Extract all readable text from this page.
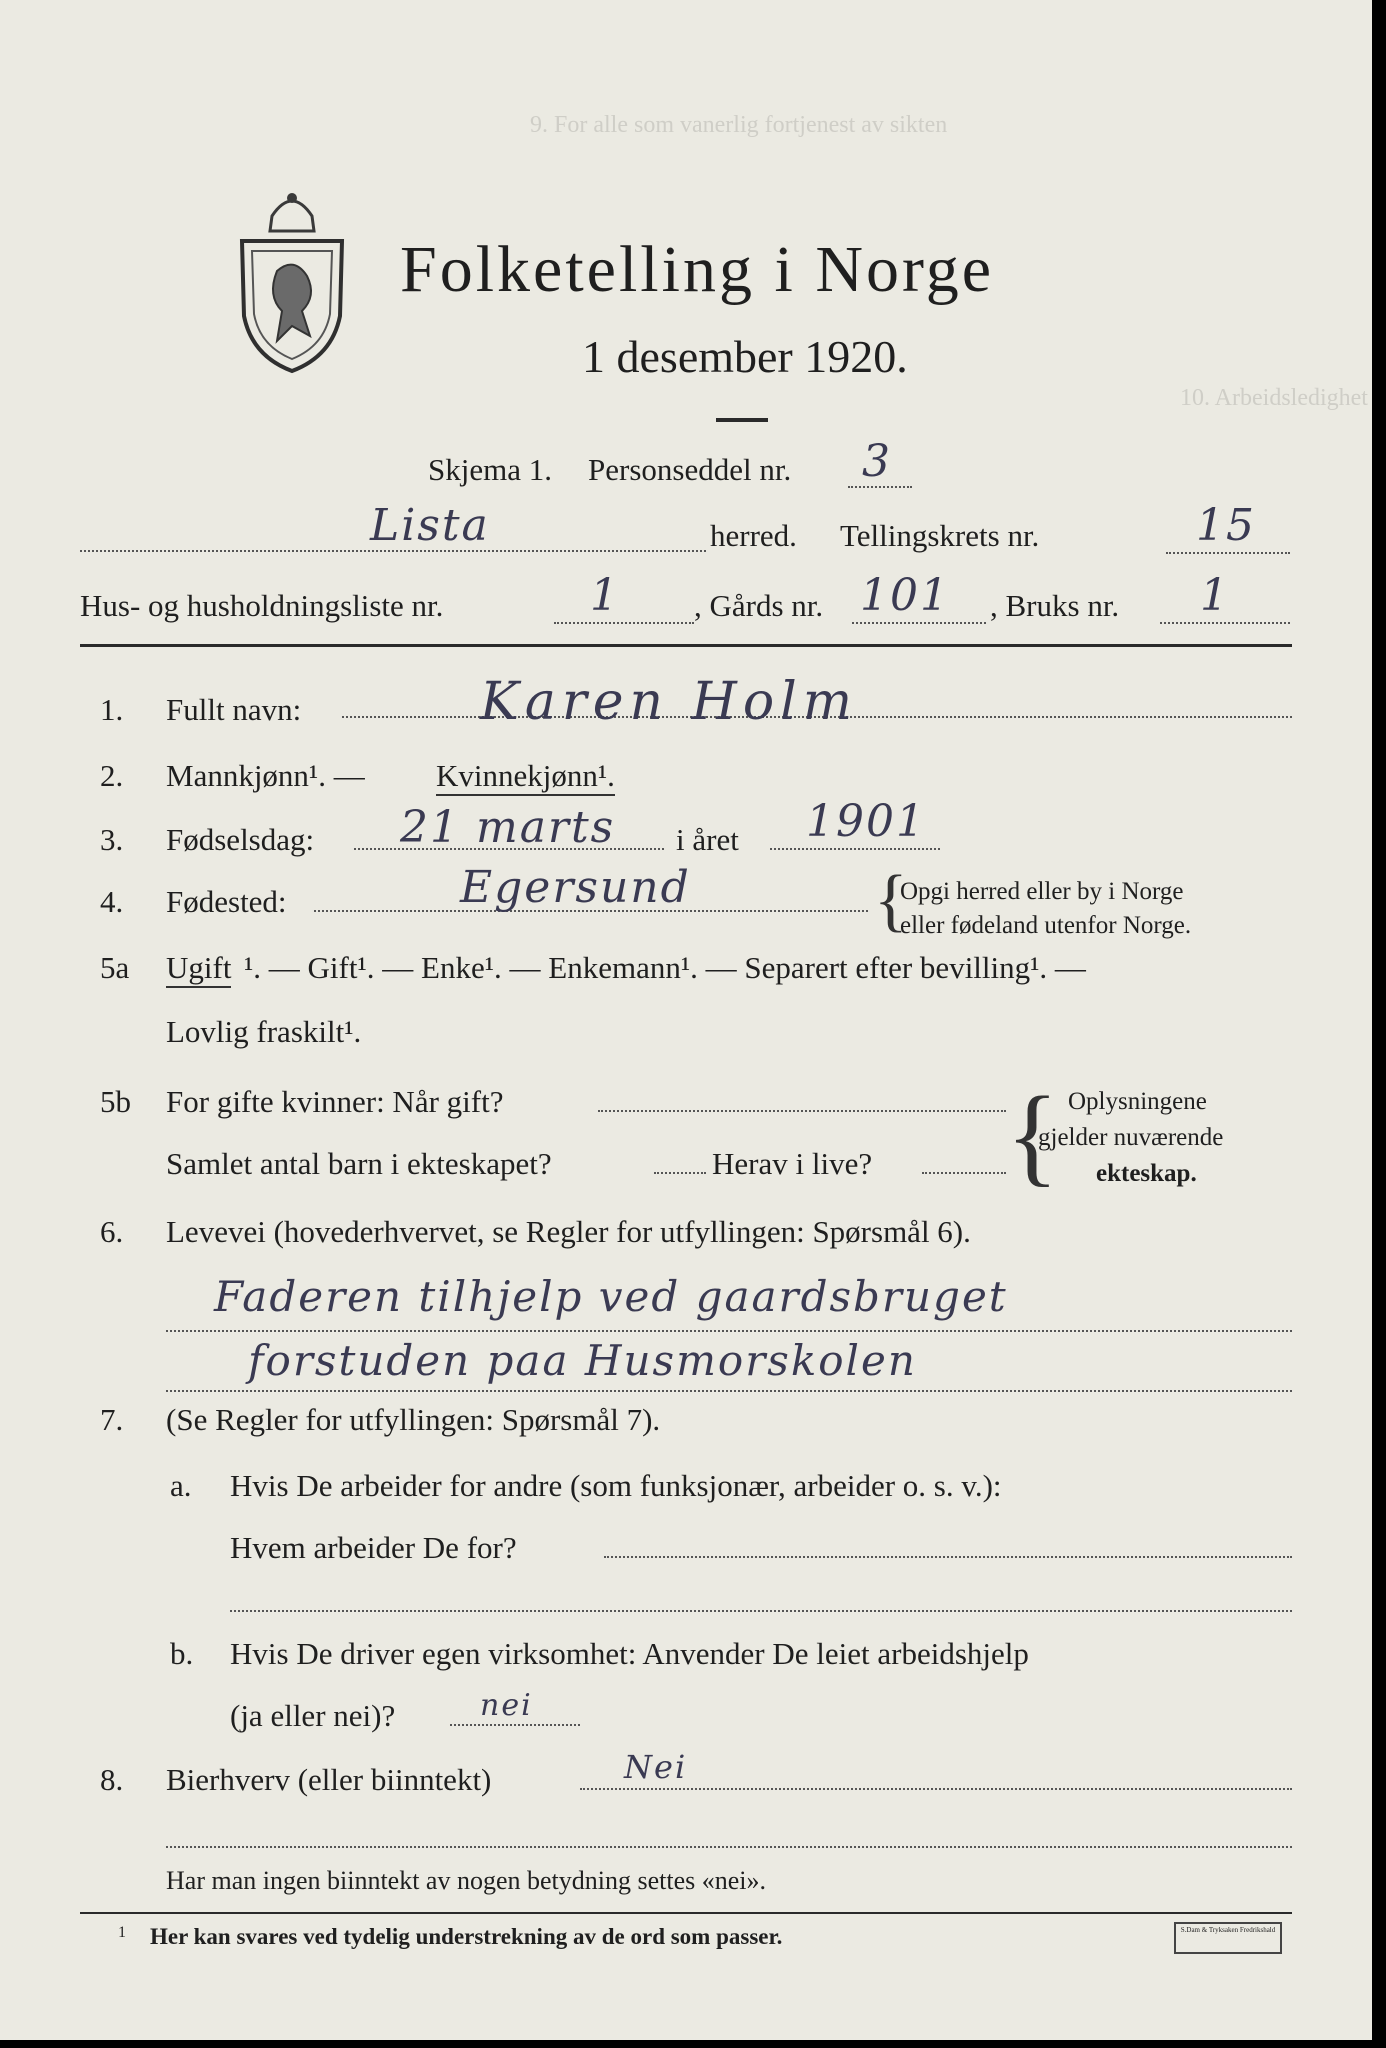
9. For alle som vanerlig fortjenest av sikten
10. Arbeidsledighet
Folketelling i Norge
1 desember 1920.
Skjema 1. Personseddel nr. 3
Lista	herred. Tellingskrets nr.	15
Hus- og husholdningsliste nr.	1 , Gårds nr. 101 , Bruks nr. 1
1. Fullt navn:	Karen Holm
2. Mannkjønn¹. — Kvinnekjønn¹.
3. Fødselsdag: 21 marts i året 1901
4. Fødested:	Egersund	{
Opgi herred eller by i Norge
eller fødeland utenfor Norge.
5a Ugift ¹. — Gift¹. — Enke¹. — Enkemann¹. — Separert efter bevilling¹. —
Lovlig fraskilt¹.
5b For gifte kvinner: Når gift?
Samlet antal barn i ekteskapet?	Herav i live? { Oplysningene
gjelder nuværende
ekteskap.
6. Levevei (hovederhvervet, se Regler for utfyllingen: Spørsmål 6).
Faderen tilhjelp ved gaardsbruget
forstuden paa Husmorskolen
7. (Se Regler for utfyllingen: Spørsmål 7).
a. Hvis De arbeider for andre (som funksjonær, arbeider o. s. v.):
Hvem arbeider De for?
b. Hvis De driver egen virksomhet: Anvender De leiet arbeidshjelp
(ja eller nei)?	nei
8. Bierhverv (eller biinntekt)	Nei
Har man ingen biinntekt av nogen betydning settes «nei».
1 Her kan svares ved tydelig understrekning av de ord som passer.	S.Dam & Tryksaken Fredrikshald
